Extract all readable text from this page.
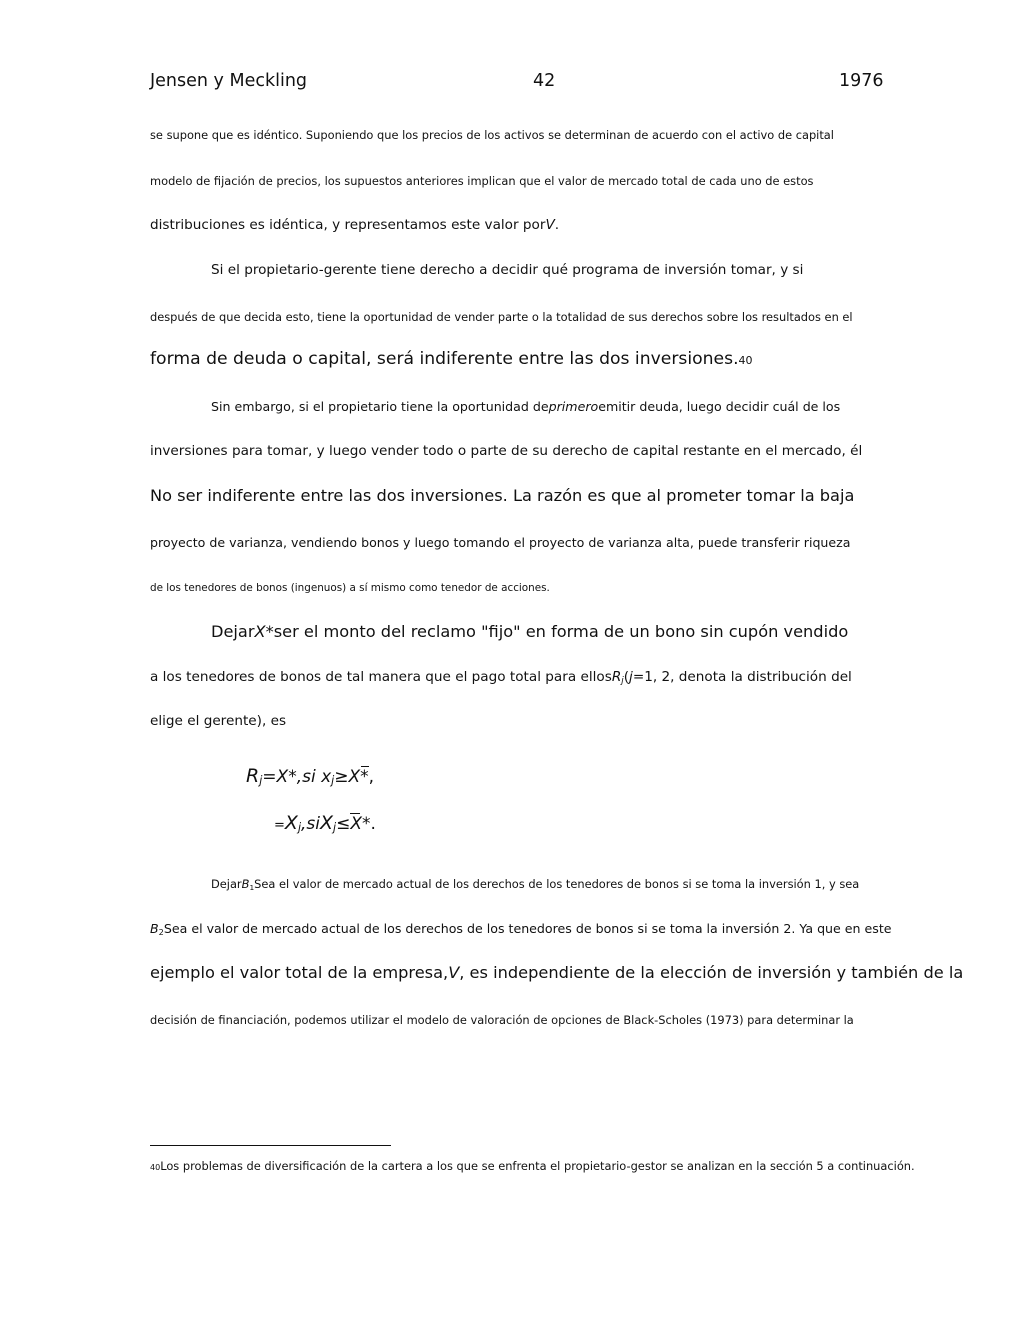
Jensen y Meckling	42	1976
se supone que es idéntico. Suponiendo que los precios de los activos se determinan de acuerdo con el activo de capital
modelo de fijación de precios, los supuestos anteriores implican que el valor de mercado total de cada uno de estos
distribuciones es idéntica, y representamos este valor porV.
Si el propietario-gerente tiene derecho a decidir qué programa de inversión tomar, y si
después de que decida esto, tiene la oportunidad de vender parte o la totalidad de sus derechos sobre los resultados en el
forma de deuda o capital, será indiferente entre las dos inversiones.40
Sin embargo, si el propietario tiene la oportunidad deprimeroemitir deuda, luego decidir cuál de los
inversiones para tomar, y luego vender todo o parte de su derecho de capital restante en el mercado, él
No ser indiferente entre las dos inversiones. La razón es que al prometer tomar la baja
proyecto de varianza, vendiendo bonos y luego tomando el proyecto de varianza alta, puede transferir riqueza
de los tenedores de bonos (ingenuos) a sí mismo como tenedor de acciones.
DejarX*ser el monto del reclamo "fijo" en forma de un bono sin cupón vendido
a los tenedores de bonos de tal manera que el pago total para ellosR$_j$(j=1, 2, denota la distribución del
elige el gerente), es
$R_j=X*,si$ $x_j\ge X*$,
$=X_j,siX_j\le X*$.
DejarB$_1$Sea el valor de mercado actual de los derechos de los tenedores de bonos si se toma la inversión 1, y sea
$B_2Sea$ el valor de mercado actual de los derechos de los tenedores de bonos si se toma la inversión 2. Ya que en este
ejemplo el valor total de la empresa,V, es independiente de la elección de inversión y también de la
decisión de financiación, podemos utilizar el modelo de valoración de opciones de Black-Scholes (1973) para determinar la
40Los problemas de diversificación de la cartera a los que se enfrenta el propietario-gestor se analizan en la sección 5 a continuación.
